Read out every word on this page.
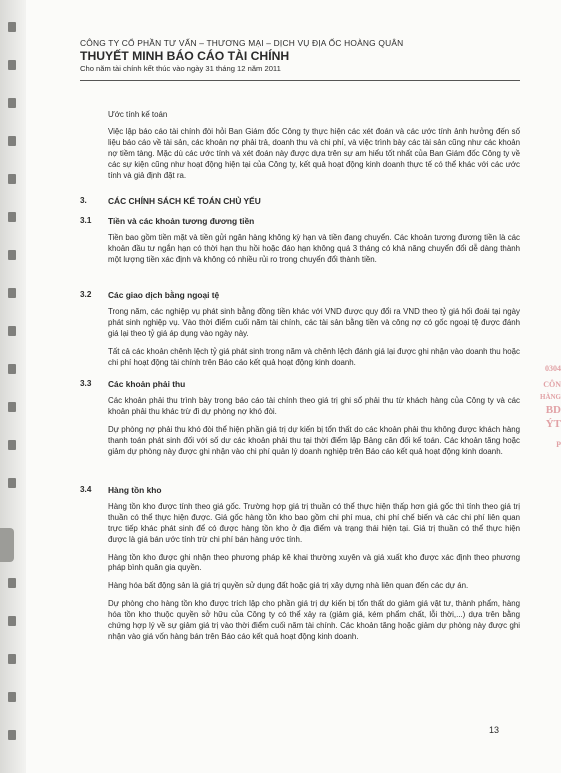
0304
CÔN
HÀNG
BD
ÝT
P
CÔNG TY CỔ PHẦN TƯ VẤN – THƯƠNG MẠI – DỊCH VỤ ĐỊA ỐC HOÀNG QUÂN
THUYẾT MINH BÁO CÁO TÀI CHÍNH
Cho năm tài chính kết thúc vào ngày 31 tháng 12 năm 2011
Ước tính kế toán
Việc lập báo cáo tài chính đòi hỏi Ban Giám đốc Công ty thực hiện các xét đoán và các ước tính ảnh hưởng đến số liệu báo cáo về tài sản, các khoản nợ phải trả, doanh thu và chi phí, và việc trình bày các tài sản cũng như các khoản nợ tiềm tàng. Mặc dù các ước tính và xét đoán này được dựa trên sự am hiểu tốt nhất của Ban Giám đốc Công ty về các sự kiện cũng như hoạt động hiện tại của Công ty, kết quả hoạt động kinh doanh thực tế có thể khác với các ước tính và giả định đặt ra.
3.	CÁC CHÍNH SÁCH KẾ TOÁN CHỦ YẾU
3.1 Tiền và các khoản tương đương tiền
Tiền bao gồm tiền mặt và tiền gửi ngân hàng không kỳ hạn và tiền đang chuyển. Các khoản tương đương tiền là các khoản đầu tư ngắn hạn có thời hạn thu hồi hoặc đáo hạn không quá 3 tháng có khả năng chuyển đổi dễ dàng thành một lượng tiền xác định và không có nhiều rủi ro trong chuyển đổi thành tiền.
3.2 Các giao dịch bằng ngoại tệ
Trong năm, các nghiệp vụ phát sinh bằng đồng tiền khác với VND được quy đổi ra VND theo tỷ giá hối đoái tại ngày phát sinh nghiệp vụ. Vào thời điểm cuối năm tài chính, các tài sản bằng tiền và công nợ có gốc ngoại tệ được đánh giá lại theo tỷ giá áp dụng vào ngày này.
Tất cả các khoản chênh lệch tỷ giá phát sinh trong năm và chênh lệch đánh giá lại được ghi nhận vào doanh thu hoặc chi phí hoạt động tài chính trên Báo cáo kết quả hoạt động kinh doanh.
3.3 Các khoản phải thu
Các khoản phải thu trình bày trong báo cáo tài chính theo giá trị ghi sổ phải thu từ khách hàng của Công ty và các khoản phải thu khác trừ đi dự phòng nợ khó đòi.
Dự phòng nợ phải thu khó đòi thể hiện phần giá trị dự kiến bị tổn thất do các khoản phải thu không được khách hàng thanh toán phát sinh đối với số dư các khoản phải thu tại thời điểm lập Bảng cân đối kế toán. Các khoản tăng hoặc giảm dự phòng này được ghi nhận vào chi phí quản lý doanh nghiệp trên Báo cáo kết quả hoạt động kinh doanh.
3.4 Hàng tồn kho
Hàng tồn kho được tính theo giá gốc. Trường hợp giá trị thuần có thể thực hiện thấp hơn giá gốc thì tính theo giá trị thuần có thể thực hiện được. Giá gốc hàng tồn kho bao gồm chi phí mua, chi phí chế biến và các chi phí liên quan trực tiếp khác phát sinh để có được hàng tồn kho ở địa điểm và trạng thái hiện tại. Giá trị thuần có thể thực hiện được là giá bán ước tính trừ chi phí bán hàng ước tính.
Hàng tồn kho được ghi nhận theo phương pháp kê khai thường xuyên và giá xuất kho được xác định theo phương pháp bình quân gia quyền.
Hàng hóa bất động sản là giá trị quyền sử dụng đất hoặc giá trị xây dựng nhà liên quan đến các dự án.
Dự phòng cho hàng tồn kho được trích lập cho phần giá trị dự kiến bị tổn thất do giảm giá vật tư, thành phẩm, hàng hóa tồn kho thuộc quyền sở hữu của Công ty có thể xảy ra (giảm giá, kém phẩm chất, lỗi thời,...) dựa trên bằng chứng hợp lý về sự giảm giá trị vào thời điểm cuối năm tài chính. Các khoản tăng hoặc giảm dự phòng này được ghi nhận vào giá vốn hàng bán trên Báo cáo kết quả hoạt động kinh doanh.
13
